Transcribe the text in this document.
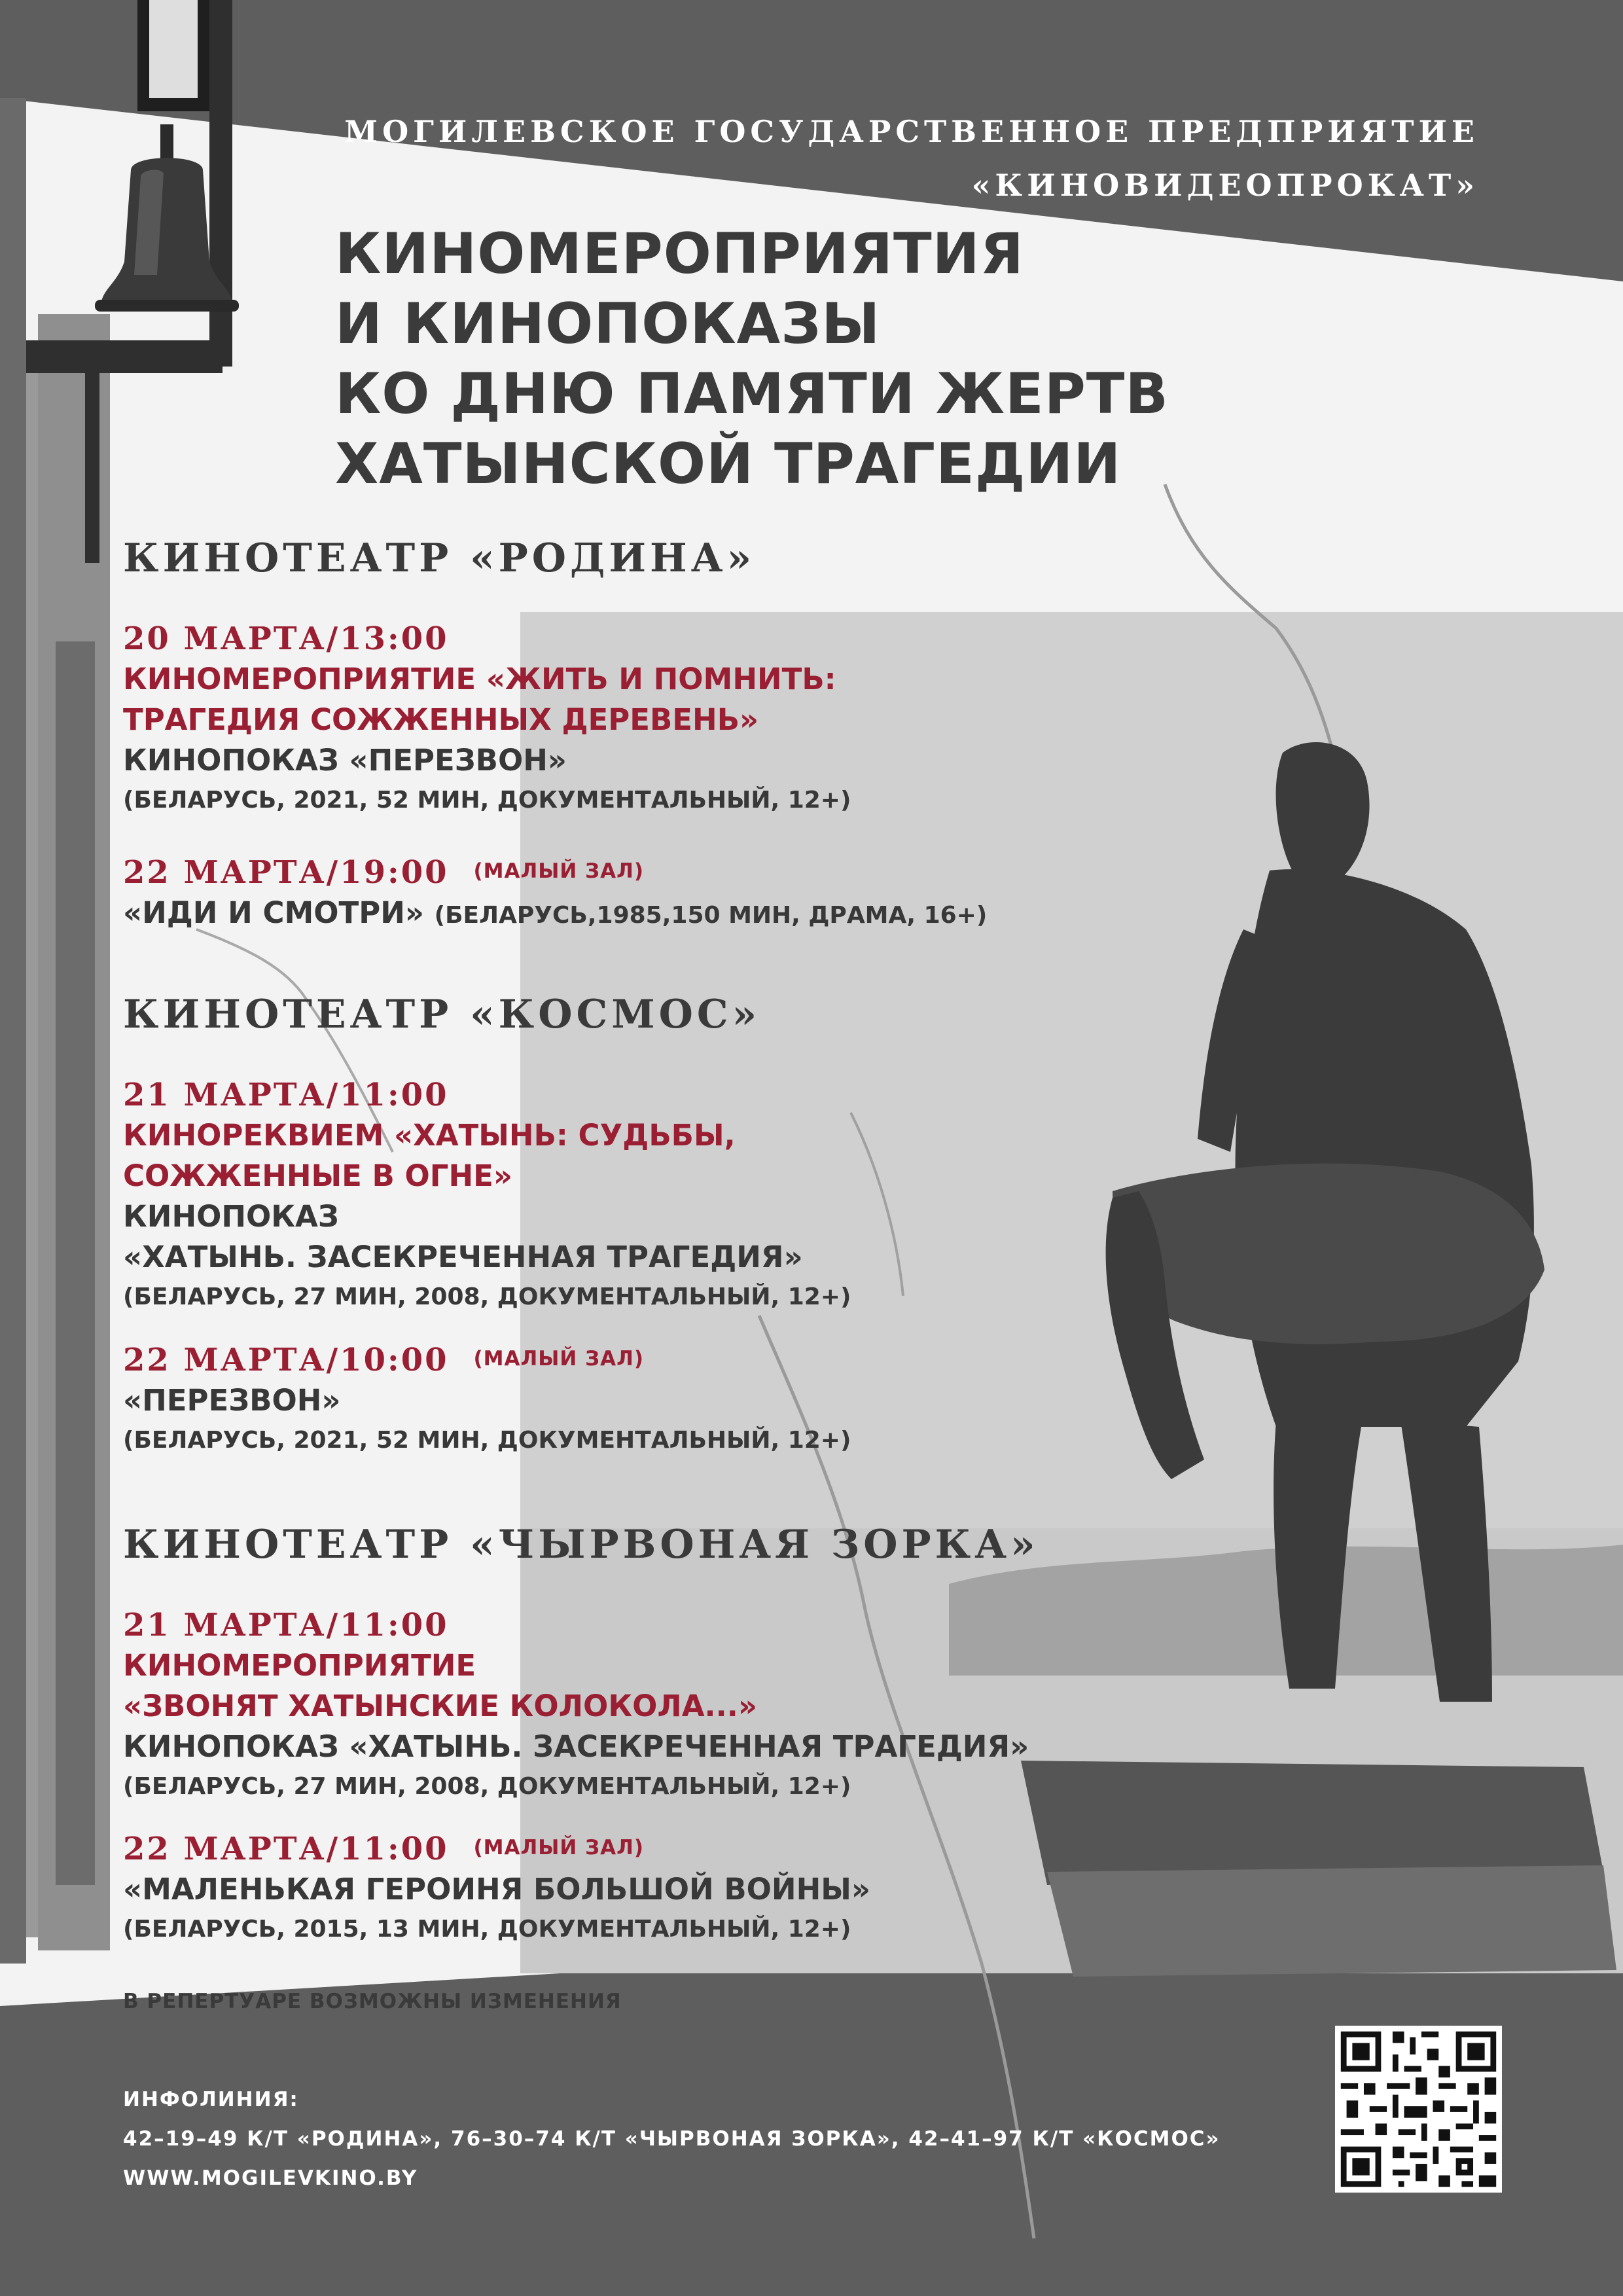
МОГИЛЕВСКОЕ ГОСУДАРСТВЕННОЕ ПРЕДПРИЯТИЕ
«КИНОВИДЕОПРОКАТ»
КИНОМЕРОПРИЯТИЯ
И КИНОПОКАЗЫ
КО ДНЮ ПАМЯТИ ЖЕРТВ
ХАТЫНСКОЙ ТРАГЕДИИ
КИНОТЕАТР «РОДИНА»
20 МАРТА/13:00
КИНОМЕРОПРИЯТИЕ «ЖИТЬ И ПОМНИТЬ:
ТРАГЕДИЯ СОЖЖЕННЫХ ДЕРЕВЕНЬ»
КИНОПОКАЗ «ПЕРЕЗВОН»
(БЕЛАРУСЬ, 2021, 52 МИН, ДОКУМЕНТАЛЬНЫЙ, 12+)
22 МАРТА/19:00 (МАЛЫЙ ЗАЛ)
«ИДИ И СМОТРИ» (БЕЛАРУСЬ,1985,150 МИН, ДРАМА, 16+)
КИНОТЕАТР «КОСМОС»
21 МАРТА/11:00
КИНОРЕКВИЕМ «ХАТЫНЬ: СУДЬБЫ,
СОЖЖЕННЫЕ В ОГНЕ»
КИНОПОКАЗ
«ХАТЫНЬ. ЗАСЕКРЕЧЕННАЯ ТРАГЕДИЯ»
(БЕЛАРУСЬ, 27 МИН, 2008, ДОКУМЕНТАЛЬНЫЙ, 12+)
22 МАРТА/10:00 (МАЛЫЙ ЗАЛ)
«ПЕРЕЗВОН»
(БЕЛАРУСЬ, 2021, 52 МИН, ДОКУМЕНТАЛЬНЫЙ, 12+)
КИНОТЕАТР «ЧЫРВОНАЯ ЗОРКА»
21 МАРТА/11:00
КИНОМЕРОПРИЯТИЕ
«ЗВОНЯТ ХАТЫНСКИЕ КОЛОКОЛА...»
КИНОПОКАЗ «ХАТЫНЬ. ЗАСЕКРЕЧЕННАЯ ТРАГЕДИЯ»
(БЕЛАРУСЬ, 27 МИН, 2008, ДОКУМЕНТАЛЬНЫЙ, 12+)
22 МАРТА/11:00 (МАЛЫЙ ЗАЛ)
«МАЛЕНЬКАЯ ГЕРОИНЯ БОЛЬШОЙ ВОЙНЫ»
(БЕЛАРУСЬ, 2015, 13 МИН, ДОКУМЕНТАЛЬНЫЙ, 12+)
В РЕПЕРТУАРЕ ВОЗМОЖНЫ ИЗМЕНЕНИЯ
ИНФОЛИНИЯ:
42–19–49 К/Т «РОДИНА», 76–30–74 К/Т «ЧЫРВОНАЯ ЗОРКА», 42–41–97 К/Т «КОСМОС»
WWW.MOGILEVKINO.BY
